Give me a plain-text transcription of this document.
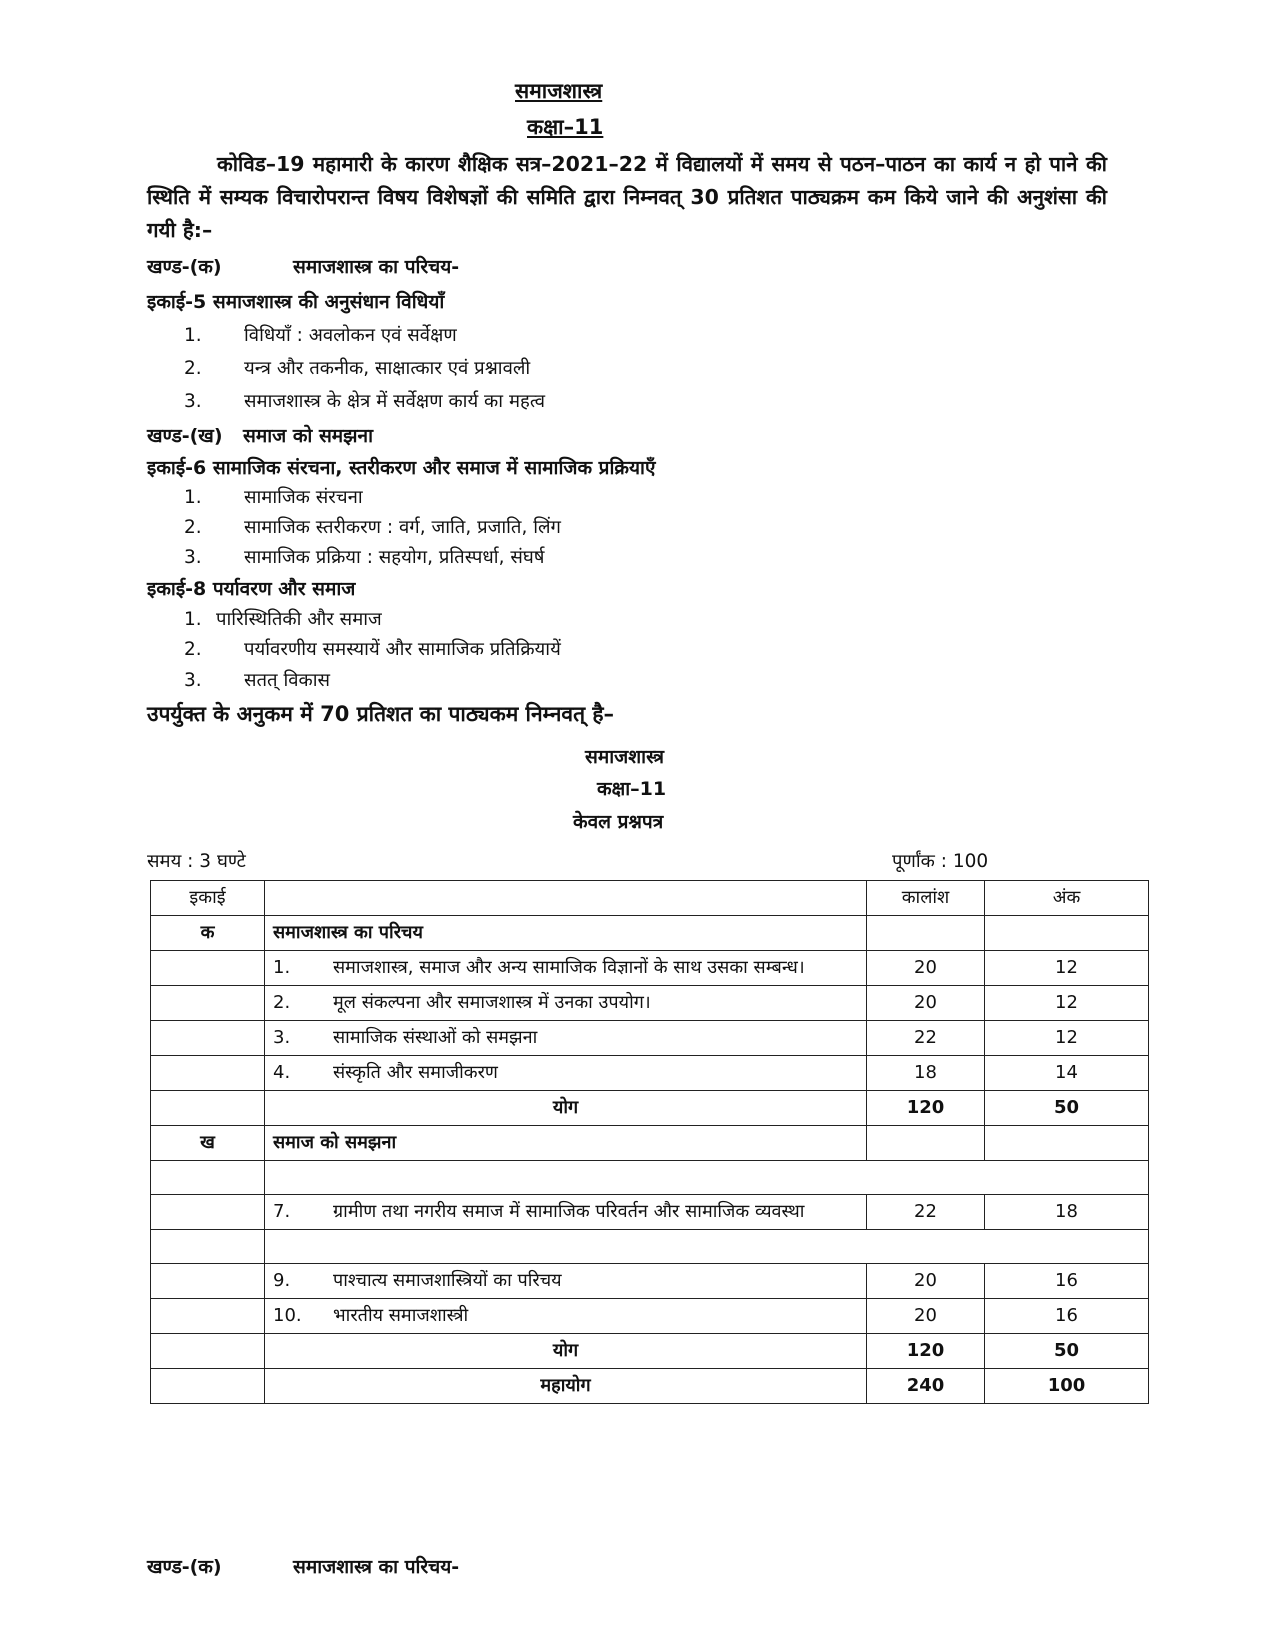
समाजशास्त्र
कक्षा–11
कोविड–19 महामारी के कारण शैक्षिक सत्र–2021–22 में विद्यालयों में समय से पठन–पाठन का कार्य न हो पाने की स्थिति में सम्यक विचारोपरान्त विषय विशेषज्ञों की समिति द्वारा निम्नवत् 30 प्रतिशत पाठ्यक्रम कम किये जाने की अनुशंसा की गयी है:–
खण्ड-(क)	समाजशास्त्र का परिचय-
इकाई-5 समाजशास्त्र की अनुसंधान विधियाँ
1. विधियाँ : अवलोकन एवं सर्वेक्षण
2. यन्त्र और तकनीक, साक्षात्कार एवं प्रश्नावली
3. समाजशास्त्र के क्षेत्र में सर्वेक्षण कार्य का महत्व
खण्ड-(ख) समाज को समझना
इकाई-6 सामाजिक संरचना, स्तरीकरण और समाज में सामाजिक प्रक्रियाएँ
1. सामाजिक संरचना
2. सामाजिक स्तरीकरण : वर्ग, जाति, प्रजाति, लिंग
3. सामाजिक प्रक्रिया : सहयोग, प्रतिस्पर्धा, संघर्ष
इकाई-8 पर्यावरण और समाज
1. पारिस्थितिकी और समाज
2. पर्यावरणीय समस्यायें और सामाजिक प्रतिक्रियायें
3. सतत् विकास
उपर्युक्त के अनुकम में 70 प्रतिशत का पाठ्यकम निम्नवत् है–
समाजशास्त्र
कक्षा–11
केवल प्रश्नपत्र
समय : 3 घण्टे	पूर्णांक : 100
इकाई		कालांश	अंक
क	समाजशास्त्र का परिचय		
	1. समाजशास्त्र, समाज और अन्य सामाजिक विज्ञानों के साथ उसका सम्बन्ध।	20	12
	2. मूल संकल्पना और समाजशास्त्र में उनका उपयोग।	20	12
	3. सामाजिक संस्थाओं को समझना	22	12
	4. संस्कृति और समाजीकरण	18	14
	योग	120	50
ख	समाज को समझना		

	7. ग्रामीण तथा नगरीय समाज में सामाजिक परिवर्तन और सामाजिक व्यवस्था	22	18

	9. पाश्चात्य समाजशास्त्रियों का परिचय	20	16
	10. भारतीय समाजशास्त्री	20	16
	योग	120	50
	महायोग	240	100
खण्ड-(क)	समाजशास्त्र का परिचय-
